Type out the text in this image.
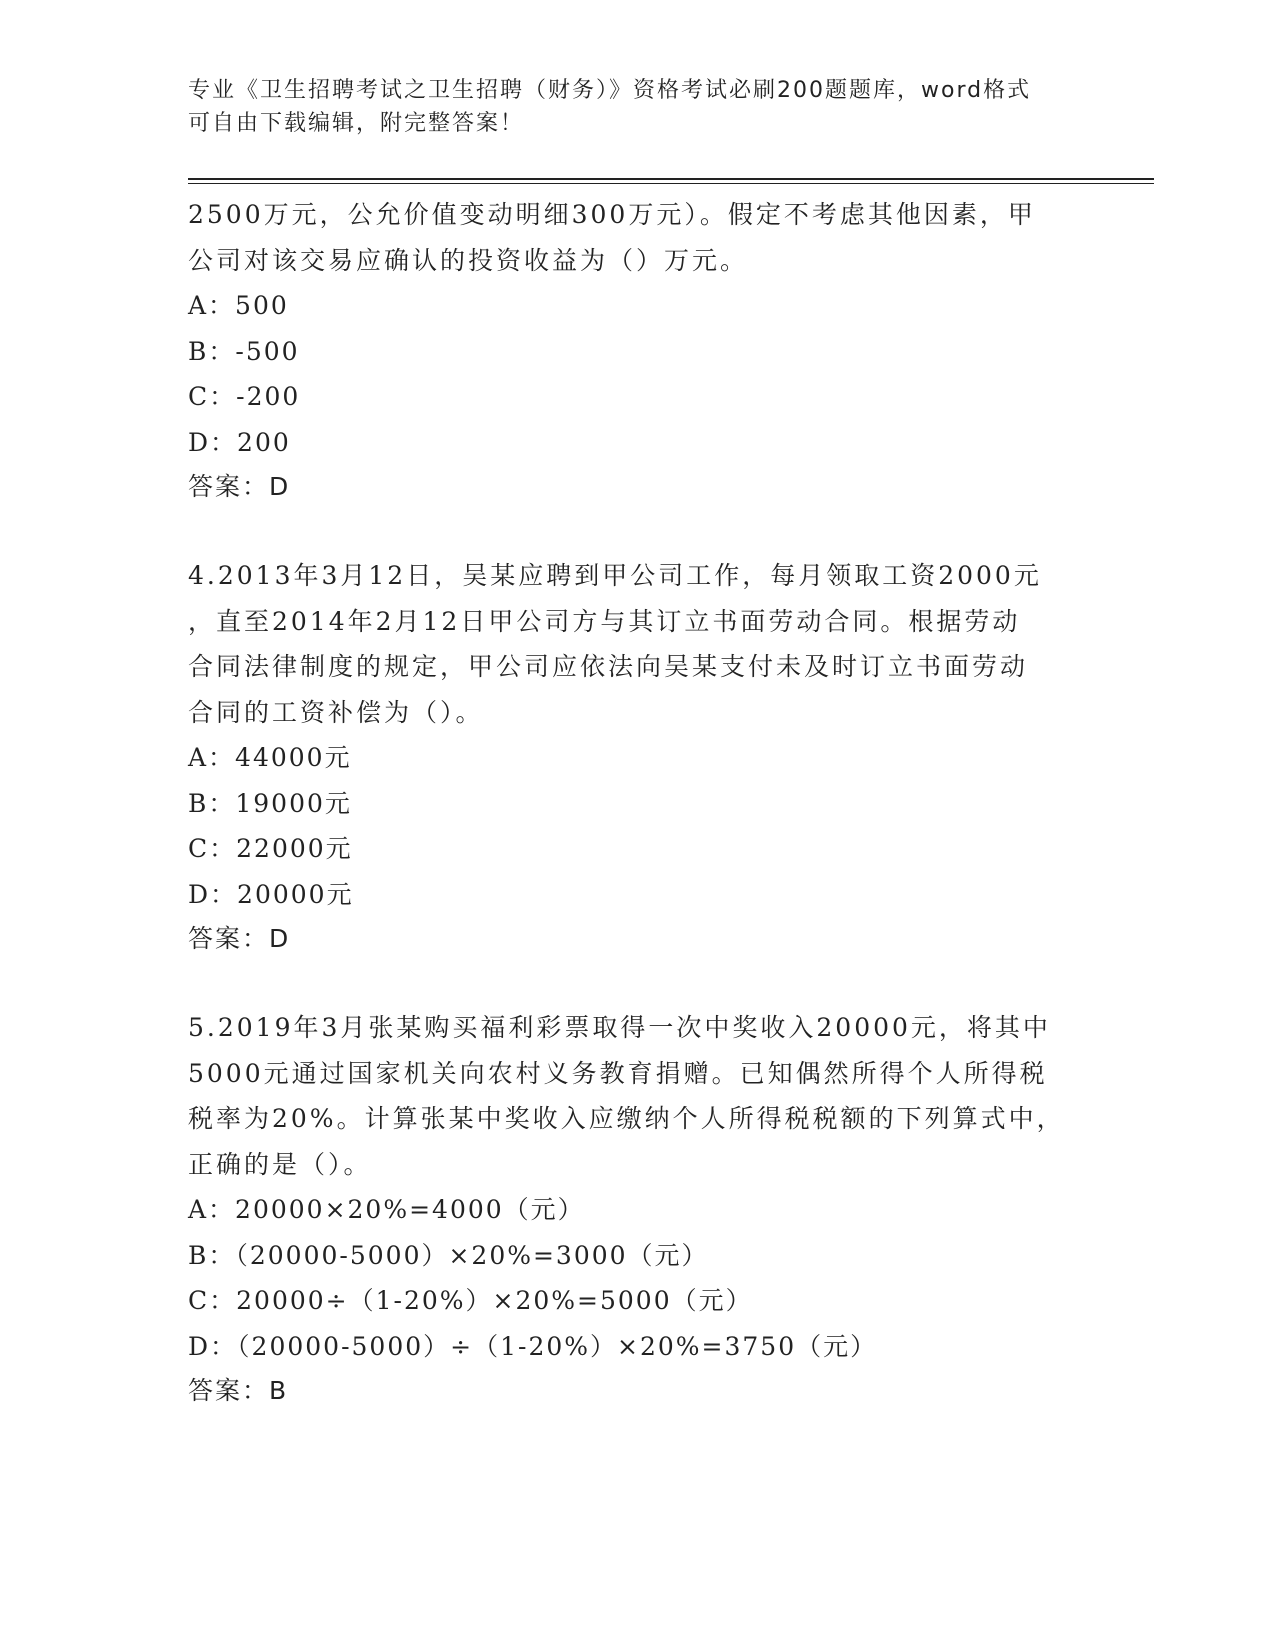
专业《卫生招聘考试之卫生招聘（财务）》资格考试必刷200题题库，word格式
可自由下载编辑，附完整答案！

2500万元，公允价值变动明细300万元）。假定不考虑其他因素，甲

公司对该交易应确认的投资收益为（）万元。

A：500

B：-500

C：-200

D：200

答案：D

4.2013年3月12日，吴某应聘到甲公司工作，每月领取工资2000元

，直至2014年2月12日甲公司方与其订立书面劳动合同。根据劳动

合同法律制度的规定，甲公司应依法向吴某支付未及时订立书面劳动

合同的工资补偿为（）。

A：44000元

B：19000元

C：22000元

D：20000元

答案：D

5.2019年3月张某购买福利彩票取得一次中奖收入20000元，将其中

5000元通过国家机关向农村义务教育捐赠。已知偶然所得个人所得税

税率为20%。计算张某中奖收入应缴纳个人所得税税额的下列算式中，

正确的是（）。

A：20000×20%=4000（元）

B：（20000-5000）×20%=3000（元）

C：20000÷（1-20%）×20%=5000（元）

D：（20000-5000）÷（1-20%）×20%=3750（元）

答案：B
